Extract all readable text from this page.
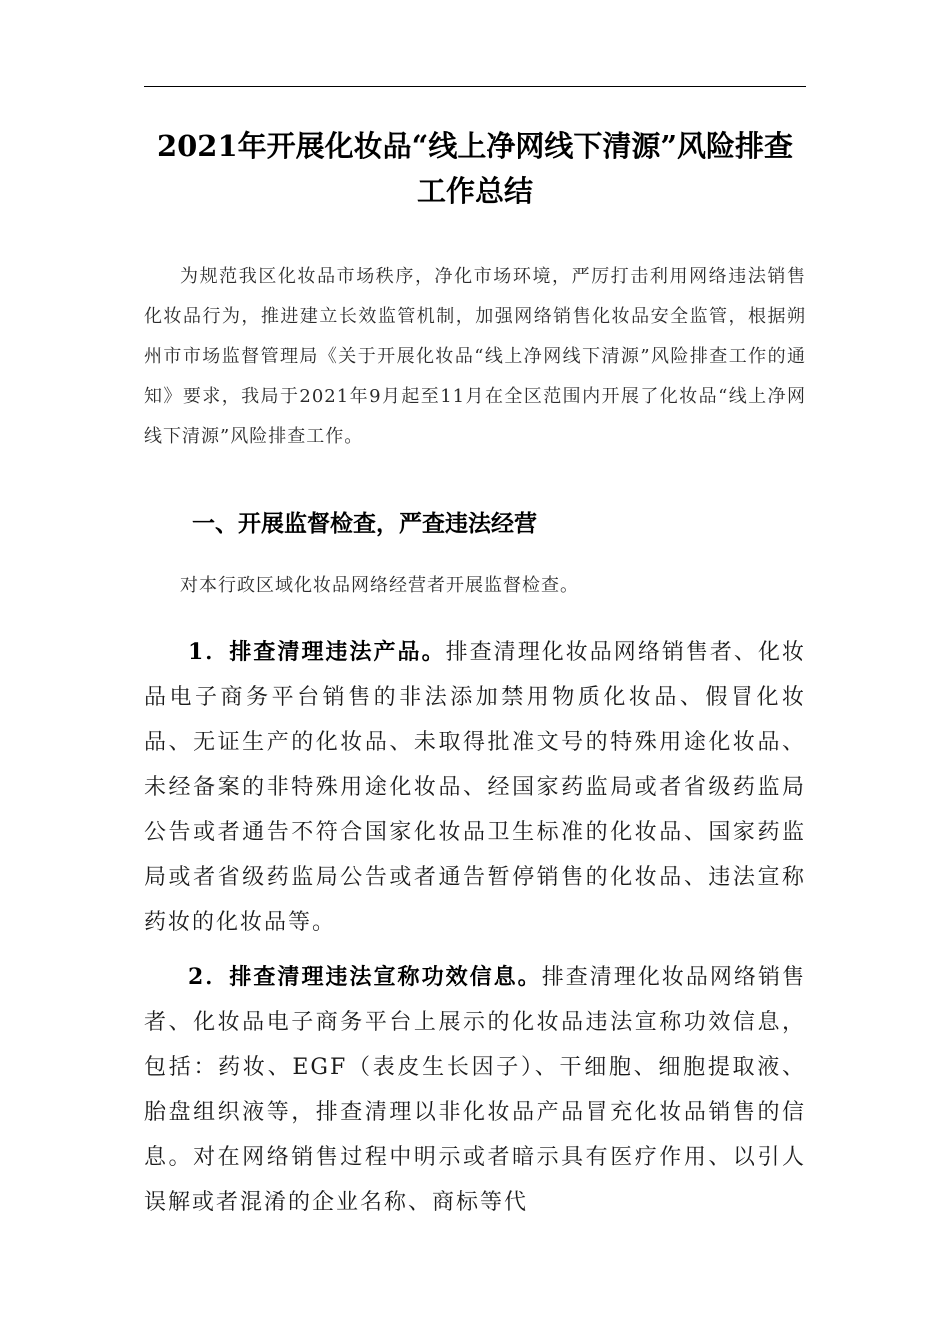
2021年开展化妆品“线上净网线下清源”风险排查工作总结

为规范我区化妆品市场秩序，净化市场环境，严厉打击利用网络违法销售化妆品行为，推进建立长效监管机制，加强网络销售化妆品安全监管，根据朔州市市场监督管理局《关于开展化妆品“线上净网线下清源”风险排查工作的通知》要求，我局于2021年9月起至11月在全区范围内开展了化妆品“线上净网线下清源”风险排查工作。

一、开展监督检查，严查违法经营

对本行政区域化妆品网络经营者开展监督检查。

1．排查清理违法产品。排查清理化妆品网络销售者、化妆品电子商务平台销售的非法添加禁用物质化妆品、假冒化妆品、无证生产的化妆品、未取得批准文号的特殊用途化妆品、未经备案的非特殊用途化妆品、经国家药监局或者省级药监局公告或者通告不符合国家化妆品卫生标准的化妆品、国家药监局或者省级药监局公告或者通告暂停销售的化妆品、违法宣称药妆的化妆品等。

2．排查清理违法宣称功效信息。排查清理化妆品网络销售者、化妆品电子商务平台上展示的化妆品违法宣称功效信息，包括：药妆、EGF（表皮生长因子）、干细胞、细胞提取液、胎盘组织液等，排查清理以非化妆品产品冒充化妆品销售的信息。对在网络销售过程中明示或者暗示具有医疗作用、以引人误解或者混淆的企业名称、商标等代
